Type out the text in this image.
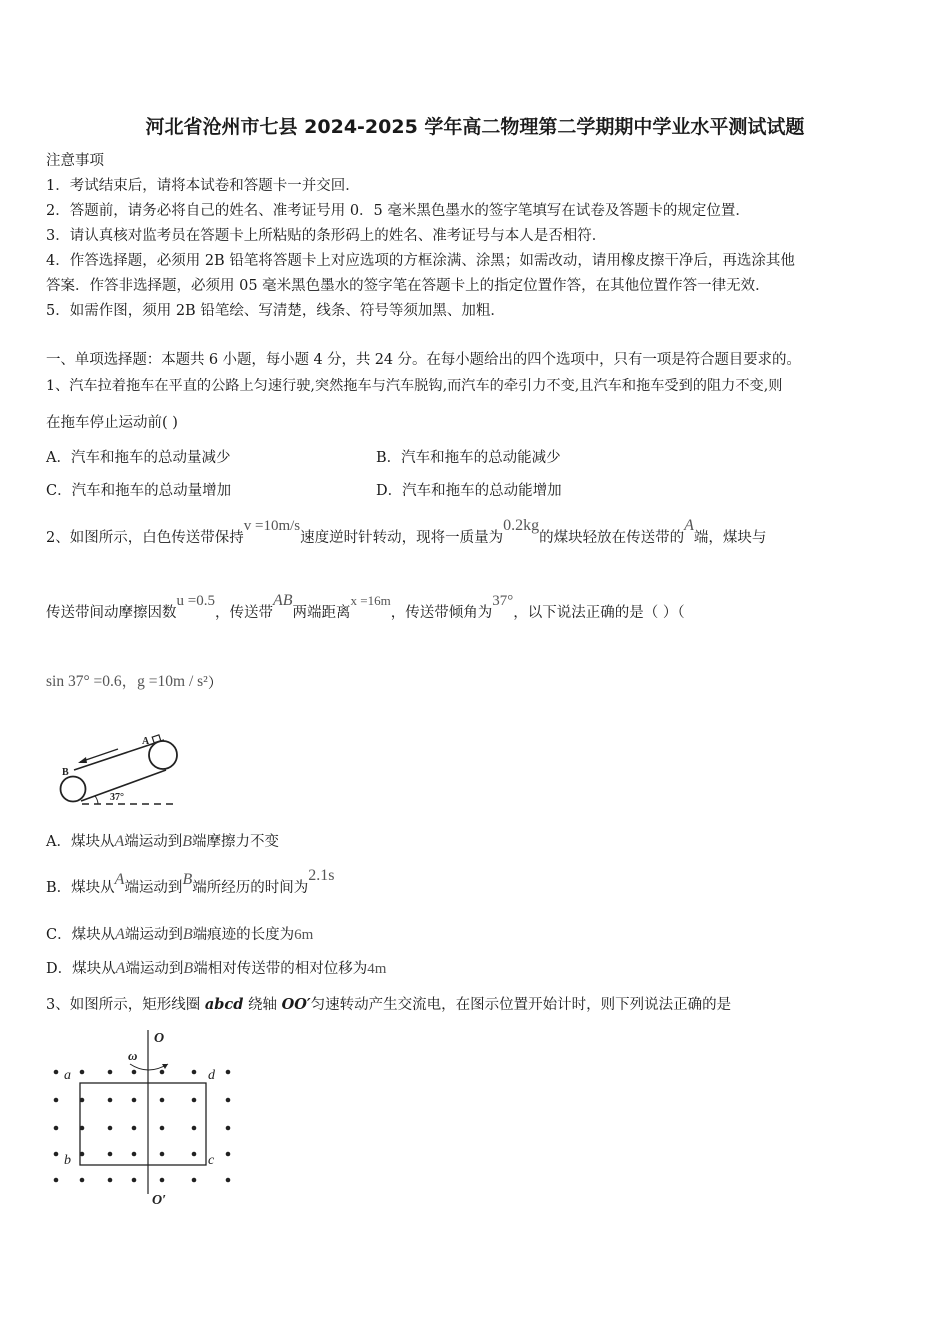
河北省沧州市七县 2024-2025 学年高二物理第二学期期中学业水平测试试题
注意事项
1．考试结束后，请将本试卷和答题卡一并交回．
2．答题前，请务必将自己的姓名、准考证号用 0．5 毫米黑色墨水的签字笔填写在试卷及答题卡的规定位置．
3．请认真核对监考员在答题卡上所粘贴的条形码上的姓名、准考证号与本人是否相符．
4．作答选择题，必须用 2B 铅笔将答题卡上对应选项的方框涂满、涂黑；如需改动，请用橡皮擦干净后，再选涂其他
答案．作答非选择题，必须用 05 毫米黑色墨水的签字笔在答题卡上的指定位置作答，在其他位置作答一律无效．
5．如需作图，须用 2B 铅笔绘、写清楚，线条、符号等须加黑、加粗．
一、单项选择题：本题共 6 小题，每小题 4 分，共 24 分。在每小题给出的四个选项中，只有一项是符合题目要求的。
1、汽车拉着拖车在平直的公路上匀速行驶,突然拖车与汽车脱钩,而汽车的牵引力不变,且汽车和拖车受到的阻力不变,则
在拖车停止运动前( )
A．汽车和拖车的总动量减少	B．汽车和拖车的总动能减少
C．汽车和拖车的总动量增加	D．汽车和拖车的总动能增加
2、如图所示，白色传送带保持v =10m/s速度逆时针转动，现将一质量为0.2kg的煤块轻放在传送带的A端，煤块与
传送带间动摩擦因数u =0.5，传送带AB两端距离x =16m，传送带倾角为37°，以下说法正确的是（ ）（
sin 37° =0.6，g =10m / s²）
A
B
37°
A．煤块从A端运动到B端摩擦力不变
B．煤块从A端运动到B端所经历的时间为2.1s
C．煤块从A端运动到B端痕迹的长度为6m
D．煤块从A端运动到B端相对传送带的相对位移为4m
3、如图所示，矩形线圈 abcd 绕轴 OO′匀速转动产生交流电，在图示位置开始计时，则下列说法正确的是
O
O′
ω
a
b	c
d
